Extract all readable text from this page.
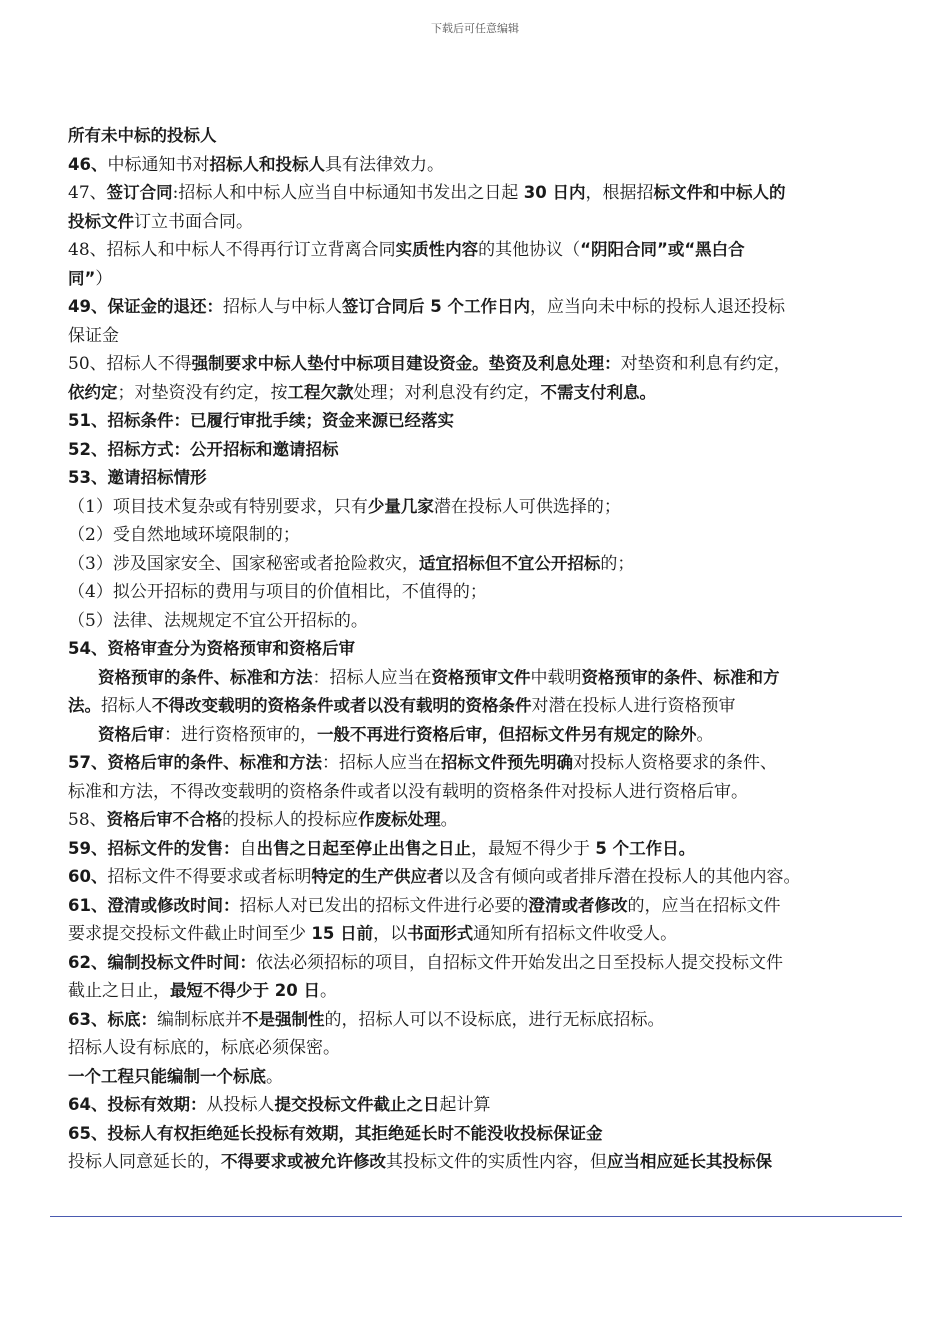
下载后可任意编辑
所有未中标的投标人
46、中标通知书对招标人和投标人具有法律效力。
47、签订合同:招标人和中标人应当自中标通知书发出之日起 30 日内，根据招标文件和中标人的
投标文件订立书面合同。
48、招标人和中标人不得再行订立背离合同实质性内容的其他协议（“阴阳合同”或“黑白合
同”）
49、保证金的退还：招标人与中标人签订合同后 5 个工作日内，应当向未中标的投标人退还投标
保证金
50、招标人不得强制要求中标人垫付中标项目建设资金。垫资及利息处理：对垫资和利息有约定，
依约定；对垫资没有约定，按工程欠款处理；对利息没有约定，不需支付利息。
51、招标条件：已履行审批手续；资金来源已经落实
52、招标方式：公开招标和邀请招标
53、邀请招标情形
（1）项目技术复杂或有特别要求，只有少量几家潜在投标人可供选择的；
（2）受自然地域环境限制的；
（3）涉及国家安全、国家秘密或者抢险救灾，适宜招标但不宜公开招标的；
（4）拟公开招标的费用与项目的价值相比，不值得的；
（5）法律、法规规定不宜公开招标的。
54、资格审查分为资格预审和资格后审
资格预审的条件、标准和方法：招标人应当在资格预审文件中载明资格预审的条件、标准和方
法。招标人不得改变载明的资格条件或者以没有载明的资格条件对潜在投标人进行资格预审
资格后审：进行资格预审的，一般不再进行资格后审，但招标文件另有规定的除外。
57、资格后审的条件、标准和方法：招标人应当在招标文件预先明确对投标人资格要求的条件、
标准和方法，不得改变载明的资格条件或者以没有载明的资格条件对投标人进行资格后审。
58、资格后审不合格的投标人的投标应作废标处理。
59、招标文件的发售：自出售之日起至停止出售之日止，最短不得少于 5 个工作日。
60、招标文件不得要求或者标明特定的生产供应者以及含有倾向或者排斥潜在投标人的其他内容。
61、澄清或修改时间：招标人对已发出的招标文件进行必要的澄清或者修改的，应当在招标文件
要求提交投标文件截止时间至少 15 日前，以书面形式通知所有招标文件收受人。
62、编制投标文件时间：依法必须招标的项目，自招标文件开始发出之日至投标人提交投标文件
截止之日止，最短不得少于 20 日。
63、标底：编制标底并不是强制性的，招标人可以不设标底，进行无标底招标。
招标人设有标底的，标底必须保密。
一个工程只能编制一个标底。
64、投标有效期：从投标人提交投标文件截止之日起计算
65、投标人有权拒绝延长投标有效期，其拒绝延长时不能没收投标保证金
投标人同意延长的，不得要求或被允许修改其投标文件的实质性内容，但应当相应延长其投标保
